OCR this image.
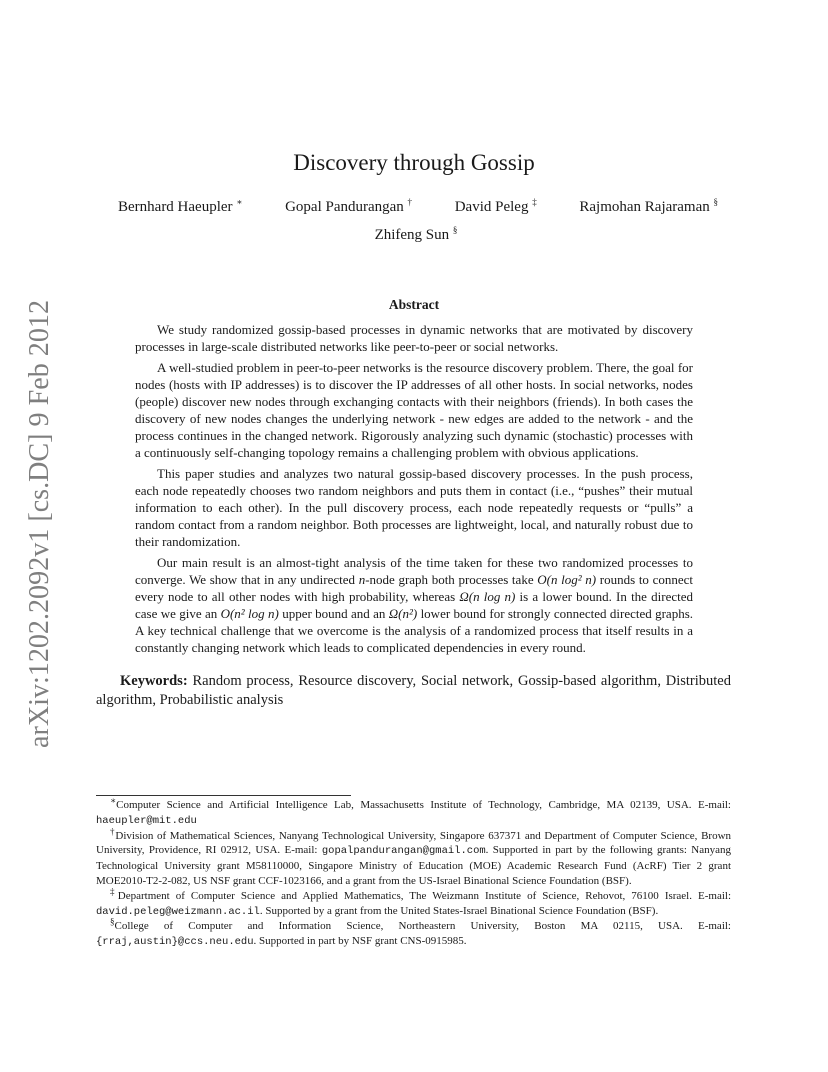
arXiv:1202.2092v1 [cs.DC] 9 Feb 2012
Discovery through Gossip
Bernhard Haeupler ∗	Gopal Pandurangan †	David Peleg ‡	Rajmohan Rajaraman §
Zhifeng Sun §
Abstract

We study randomized gossip-based processes in dynamic networks that are motivated by discovery processes in large-scale distributed networks like peer-to-peer or social networks.

A well-studied problem in peer-to-peer networks is the resource discovery problem. There, the goal for nodes (hosts with IP addresses) is to discover the IP addresses of all other hosts. In social networks, nodes (people) discover new nodes through exchanging contacts with their neighbors (friends). In both cases the discovery of new nodes changes the underlying network - new edges are added to the network - and the process continues in the changed network. Rigorously analyzing such dynamic (stochastic) processes with a continuously self-changing topology remains a challenging problem with obvious applications.

This paper studies and analyzes two natural gossip-based discovery processes. In the push process, each node repeatedly chooses two random neighbors and puts them in contact (i.e., “pushes” their mutual information to each other). In the pull discovery process, each node repeatedly requests or “pulls” a random contact from a random neighbor. Both processes are lightweight, local, and naturally robust due to their randomization.

Our main result is an almost-tight analysis of the time taken for these two randomized processes to converge. We show that in any undirected n-node graph both processes take O(n log² n) rounds to connect every node to all other nodes with high probability, whereas Ω(n log n) is a lower bound. In the directed case we give an O(n² log n) upper bound and an Ω(n²) lower bound for strongly connected directed graphs. A key technical challenge that we overcome is the analysis of a randomized process that itself results in a constantly changing network which leads to complicated dependencies in every round.

Keywords: Random process, Resource discovery, Social network, Gossip-based algorithm, Distributed algorithm, Probabilistic analysis

∗Computer Science and Artificial Intelligence Lab, Massachusetts Institute of Technology, Cambridge, MA 02139, USA. E-mail: haeupler@mit.edu

†Division of Mathematical Sciences, Nanyang Technological University, Singapore 637371 and Department of Computer Science, Brown University, Providence, RI 02912, USA. E-mail: gopalpandurangan@gmail.com. Supported in part by the following grants: Nanyang Technological University grant M58110000, Singapore Ministry of Education (MOE) Academic Research Fund (AcRF) Tier 2 grant MOE2010-T2-2-082, US NSF grant CCF-1023166, and a grant from the US-Israel Binational Science Foundation (BSF).

‡Department of Computer Science and Applied Mathematics, The Weizmann Institute of Science, Rehovot, 76100 Israel. E-mail: david.peleg@weizmann.ac.il. Supported by a grant from the United States-Israel Binational Science Foundation (BSF).

§College of Computer and Information Science, Northeastern University, Boston MA 02115, USA. E-mail: {rraj,austin}@ccs.neu.edu. Supported in part by NSF grant CNS-0915985.
